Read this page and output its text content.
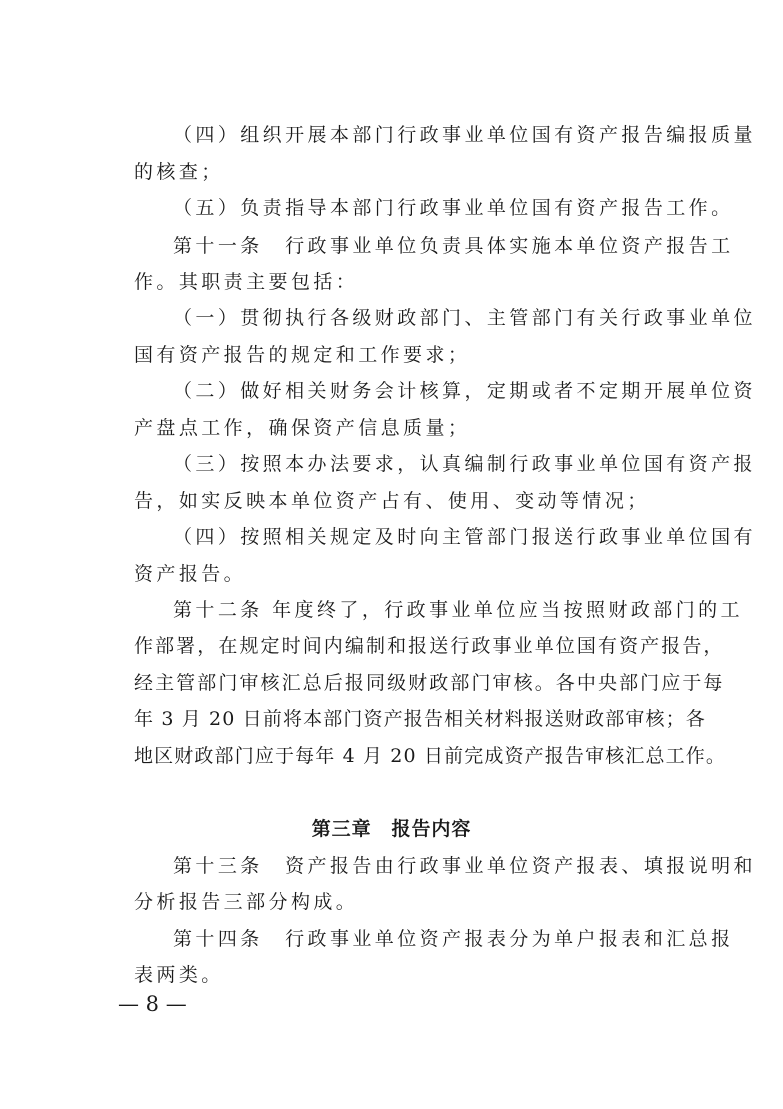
（四）组织开展本部门行政事业单位国有资产报告编报质量
的核查；
（五）负责指导本部门行政事业单位国有资产报告工作。
第十一条　行政事业单位负责具体实施本单位资产报告工
作。其职责主要包括：
（一）贯彻执行各级财政部门、主管部门有关行政事业单位
国有资产报告的规定和工作要求；
（二）做好相关财务会计核算，定期或者不定期开展单位资
产盘点工作，确保资产信息质量；
（三）按照本办法要求，认真编制行政事业单位国有资产报
告，如实反映本单位资产占有、使用、变动等情况；
（四）按照相关规定及时向主管部门报送行政事业单位国有
资产报告。
第十二条 年度终了，行政事业单位应当按照财政部门的工
作部署，在规定时间内编制和报送行政事业单位国有资产报告，
经主管部门审核汇总后报同级财政部门审核。各中央部门应于每
年 3 月 20 日前将本部门资产报告相关材料报送财政部审核；各
地区财政部门应于每年 4 月 20 日前完成资产报告审核汇总工作。
第三章　报告内容
第十三条　资产报告由行政事业单位资产报表、填报说明和
分析报告三部分构成。
第十四条　行政事业单位资产报表分为单户报表和汇总报
表两类。
— 8 —
